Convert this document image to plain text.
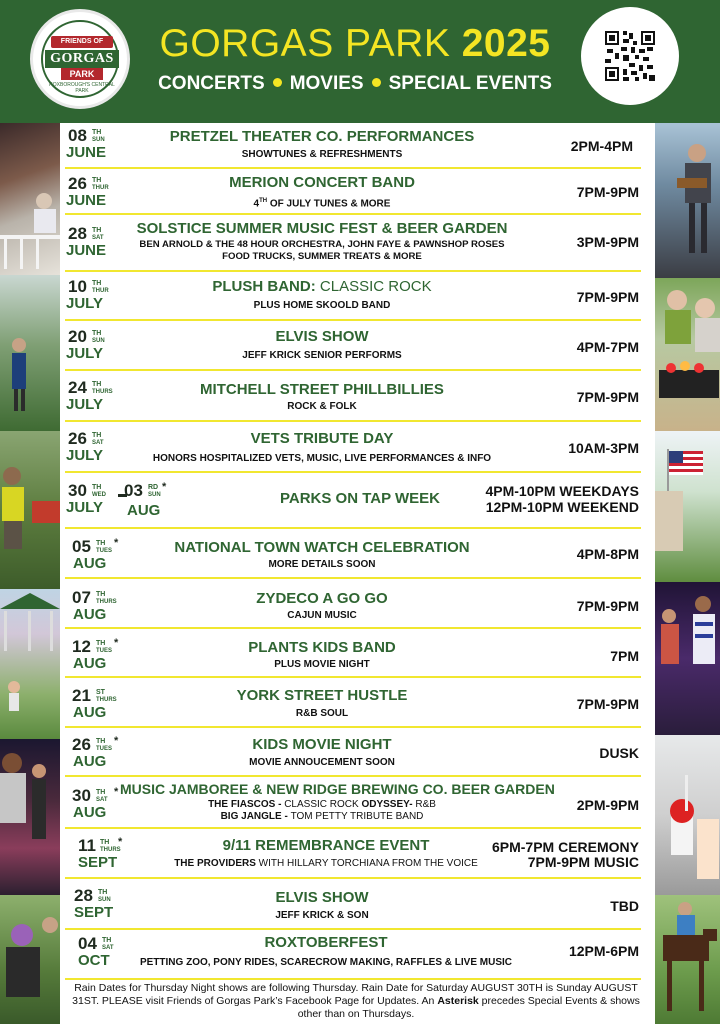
FRIENDS OF
GORGAS
PARK
ROXBOROUGH'S CENTRAL PARK
GORGAS PARK 2025
CONCERTS MOVIES SPECIAL EVENTS
08 TH
SUN
JUNE
PRETZEL THEATER CO. PERFORMANCES
SHOWTUNES & REFRESHMENTS
2PM-4PM
26 TH
THUR
JUNE
MERION CONCERT BAND
4TH OF JULY TUNES & MORE
7PM-9PM
28 TH
SAT
JUNE
SOLSTICE SUMMER MUSIC FEST & BEER GARDEN
BEN ARNOLD & THE 48 HOUR ORCHESTRA, JOHN FAYE & PAWNSHOP ROSES
FOOD TRUCKS, SUMMER TREATS & MORE
3PM-9PM
10 TH
THUR
JULY
PLUSH BAND: CLASSIC ROCK
PLUS HOME SKOOLD BAND
7PM-9PM
20 TH
SUN
JULY
ELVIS SHOW
JEFF KRICK SENIOR PERFORMS
4PM-7PM
24 TH
THURS
JULY
MITCHELL STREET PHILLBILLIES
ROCK & FOLK
7PM-9PM
26 TH
SAT
JULY
VETS TRIBUTE DAY
HONORS HOSPITALIZED VETS, MUSIC, LIVE PERFORMANCES & INFO
10AM-3PM
30 TH
WED
JULY
03 RD
SUN
*
AUG
PARKS ON TAP WEEK	4PM-10PM WEEKDAYS
12PM-10PM WEEKEND
05 TH
TUES
*
AUG
NATIONAL TOWN WATCH CELEBRATION
MORE DETAILS SOON
4PM-8PM
07 TH
THURS
AUG
ZYDECO A GO GO
CAJUN MUSIC
7PM-9PM
12 TH
TUES
*
AUG
PLANTS KIDS BAND
PLUS MOVIE NIGHT
7PM
21 ST
THURS
AUG
YORK STREET HUSTLE
R&B SOUL
7PM-9PM
26 TH
TUES
*
AUG
KIDS MOVIE NIGHT
MOVIE ANNOUCEMENT SOON
DUSK
30 TH
SAT
*
AUG
MUSIC JAMBOREE & NEW RIDGE BREWING CO. BEER GARDEN
THE FIASCOS - CLASSIC ROCK ODYSSEY- R&B
BIG JANGLE - TOM PETTY TRIBUTE BAND
2PM-9PM
11 TH
THURS
*
SEPT
9/11 REMEMBRANCE EVENT
THE PROVIDERS WITH HILLARY TORCHIANA FROM THE VOICE
6PM-7PM CEREMONY
7PM-9PM MUSIC
28 TH
SUN
SEPT
ELVIS SHOW
JEFF KRICK & SON
TBD
04 TH
SAT
OCT
ROXTOBERFEST
PETTING ZOO, PONY RIDES, SCARECROW MAKING, RAFFLES & LIVE MUSIC
12PM-6PM
Rain Dates for Thursday Night shows are following Thursday. Rain Date for Saturday AUGUST 30TH is Sunday AUGUST 31ST. PLEASE visit Friends of Gorgas Park’s Facebook Page for Updates. An Asterisk precedes Special Events & shows other than on Thursdays.
